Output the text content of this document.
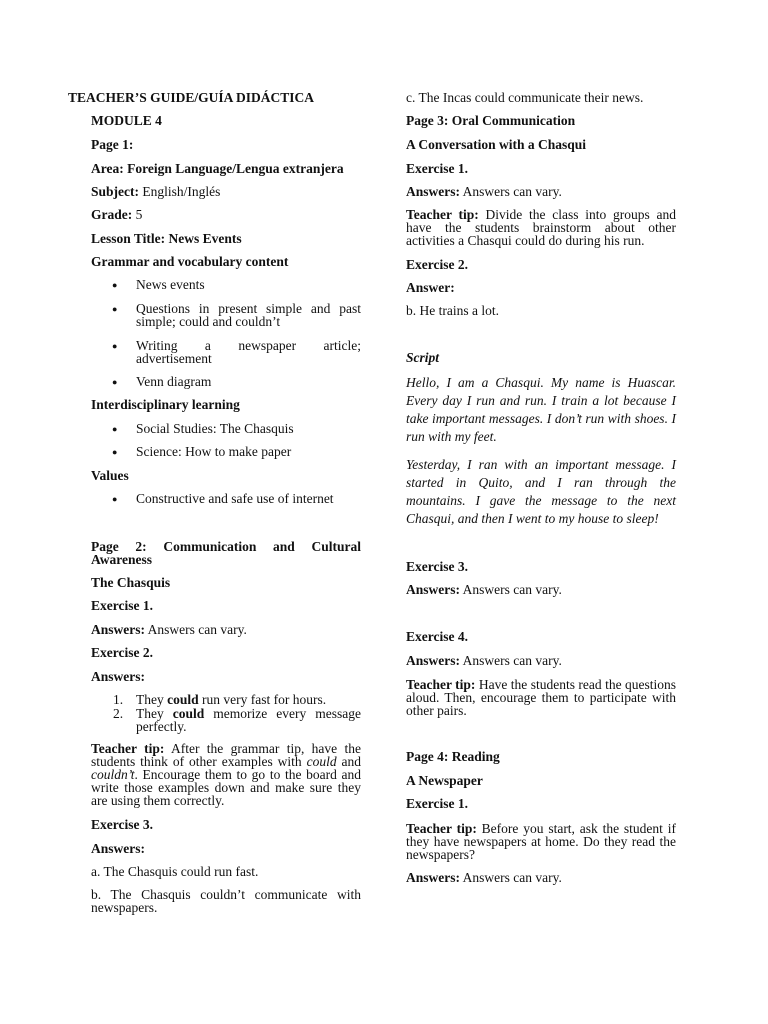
TEACHER’S GUIDE/GUÍA DIDÁCTICA

MODULE 4

Page 1:

Area: Foreign Language/Lengua extranjera

Subject: English/Inglés

Grade: 5

Lesson Title: News Events

Grammar and vocabulary content

● News events

● Questions in present simple and past simple; could and couldn’t

● Writing a newspaper article; advertisement

● Venn diagram

Interdisciplinary learning

● Social Studies: The Chasquis

● Science: How to make paper

Values

● Constructive and safe use of internet

Page 2: Communication and Cultural Awareness

The Chasquis

Exercise 1.

Answers: Answers can vary.

Exercise 2.

Answers:

1. They could run very fast for hours.

2. They could memorize every message perfectly.

Teacher tip: After the grammar tip, have the students think of other examples with could and couldn’t. Encourage them to go to the board and write those examples down and make sure they are using them correctly.

Exercise 3.

Answers:

a. The Chasquis could run fast.

b. The Chasquis couldn’t communicate with newspapers.

c. The Incas could communicate their news.

Page 3: Oral Communication

A Conversation with a Chasqui

Exercise 1.

Answers: Answers can vary.

Teacher tip: Divide the class into groups and have the students brainstorm about other activities a Chasqui could do during his run.

Exercise 2.

Answer:

b. He trains a lot.

Script

Hello, I am a Chasqui. My name is Huascar. Every day I run and run. I train a lot because I take important messages. I don’t run with shoes. I run with my feet.

Yesterday, I ran with an important message. I started in Quito, and I ran through the mountains. I gave the message to the next Chasqui, and then I went to my house to sleep!

Exercise 3.

Answers: Answers can vary.

Exercise 4.

Answers: Answers can vary.

Teacher tip: Have the students read the questions aloud. Then, encourage them to participate with other pairs.

Page 4: Reading

A Newspaper

Exercise 1.

Teacher tip: Before you start, ask the student if they have newspapers at home. Do they read the newspapers?

Answers: Answers can vary.
